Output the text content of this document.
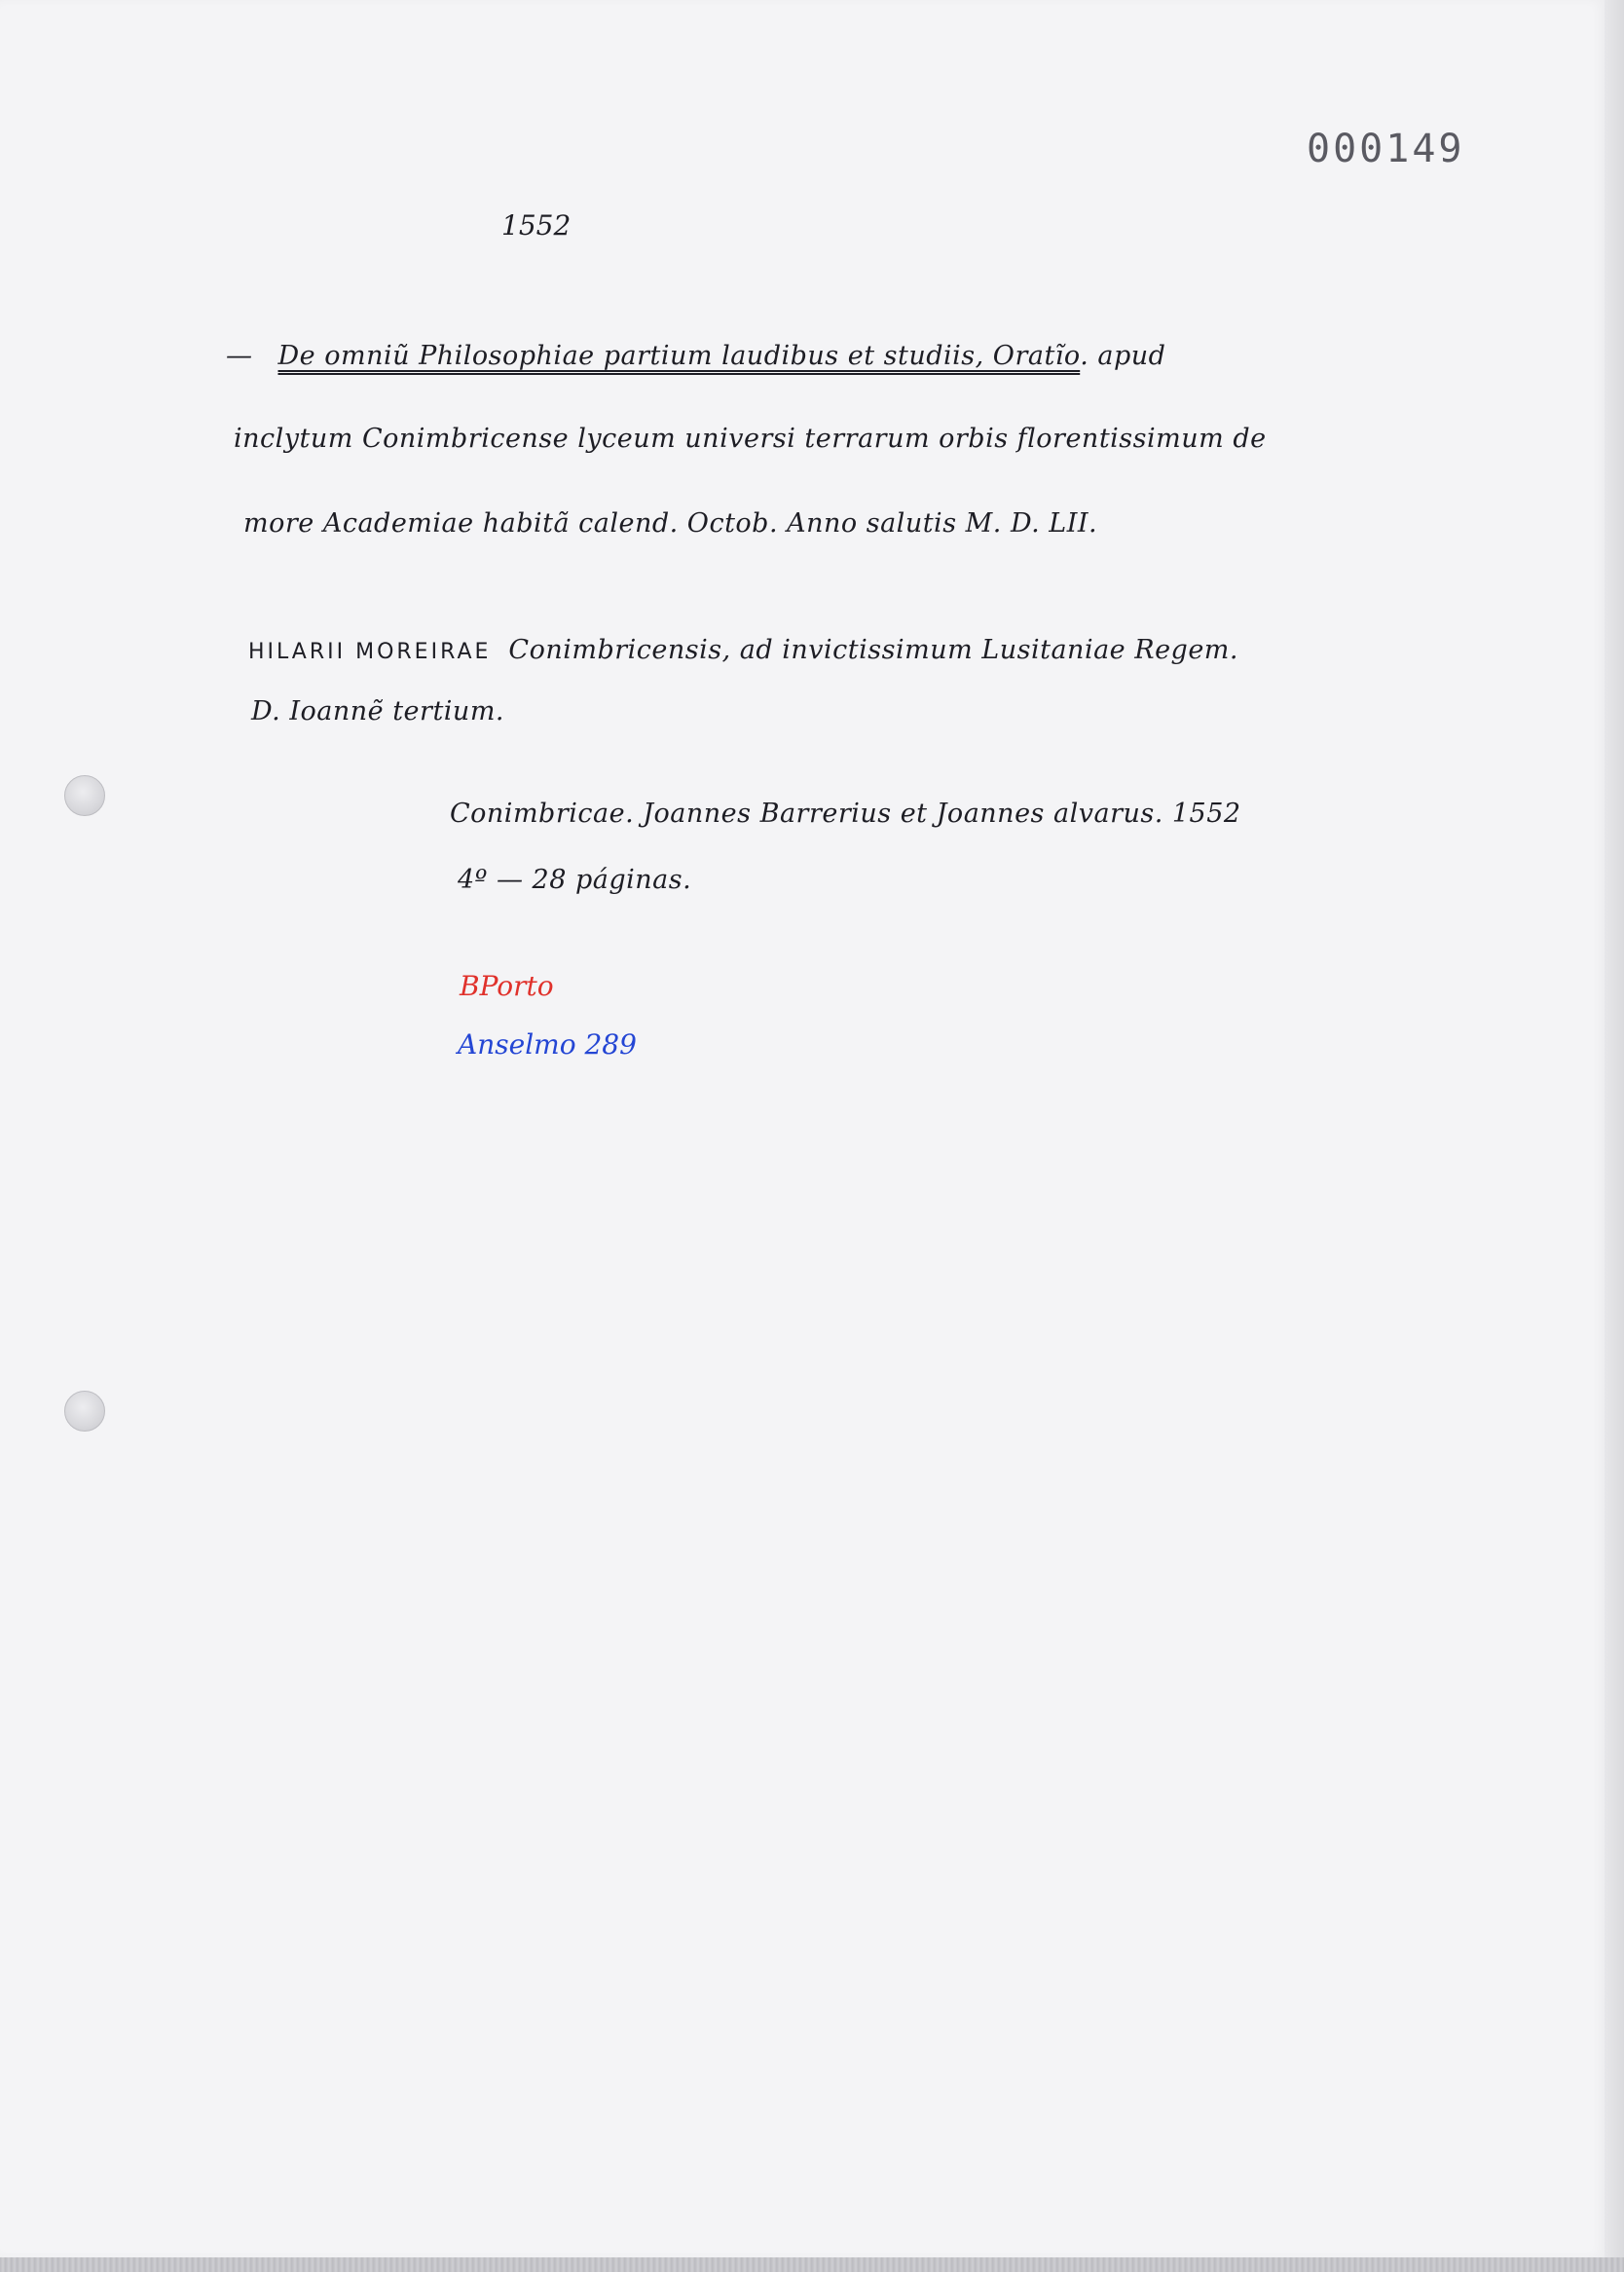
000149
1552
— De omniũ Philosophiae partium laudibus et studiis, Oratĩo. apud
inclytum Conimbricense lyceum universi terrarum orbis florentissimum de
more Academiae habitã calend. Octob. Anno salutis M. D. LII.
HILARII MOREIRAE Conimbricensis, ad invictissimum Lusitaniae Regem.
D. Ioannẽ tertium.
Conimbricae. Joannes Barrerius et Joannes alvarus. 1552
4º — 28 páginas.
BPorto
Anselmo 289
